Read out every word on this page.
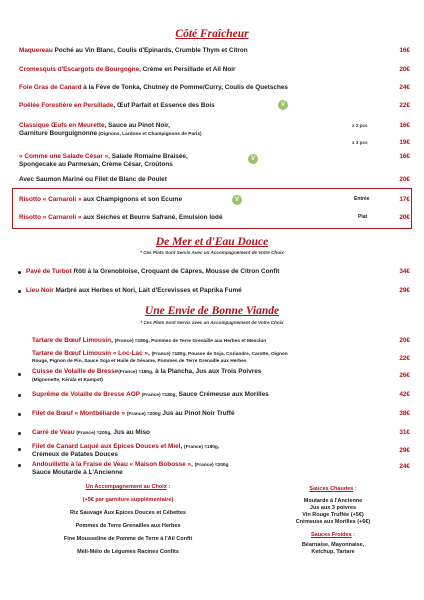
Côté Fraîcheur
Maquereau Poché au Vin Blanc, Coulis d'Epinards, Crumble Thym et Citron	16€
Cromesquis d'Escargots de Bourgogne, Crème en Persillade et Ail Noir	20€
Foie Gras de Canard à la Fève de Tonka, Chutney de Pomme/Curry, Coulis de Quetsches	24€
Poêlée Forestière en Persillade, Œuf Parfait et Essence des Bois	V	22€
Classique Œufs en Meurette, Sauce au Pinot Noir,
Garniture Bourguignonne (Oignons, Lardons et Champignons de Paris)
x 2 pcs	16€
x 3 pcs	19€
« Comme une Salade César », Salade Romaine Braisée,
Spongecake au Parmesan, Crème César, Croûtons
V	16€
Avec Saumon Mariné ou Filet de Blanc de Poulet	20€
Risotto « Carnaroli » aux Champignons et son Ecume	V	Entrée	17€
Risotto « Carnaroli » aux Seiches et Beurre Safrané, Emulsion Iodé	Plat	20€
De Mer et d'Eau Douce
* Ces Plats Sont Servis Avec un Accompagnement de Votre Choix
Pavé de Turbot Rôti à la Grenobloise, Croquant de Câpres, Mousse de Citron Confit	34€
Lieu Noir Marbré aux Herbes et Nori, Lait d'Ecrevisses et Paprika Fumé	29€
Une Envie de Bonne Viande
* Ces Plats Sont Servis avec un Accompagnement de Votre Choix
Tartare de Bœuf Limousin, (France) ≈180g, Pommes de Terre Grenaille aux Herbes et Mesclun	20€
Tartare de Bœuf Limousin « Loc-Lac », (France) ≈180g, Pousse de Soja, Coriandre, Carotte, Oignon
Rouge, Pignon de Pin, Sauce Soja et Huile de Sésame, Pommes de Terre Grenaille aux Herbes	22€
Cuisse de Volaille de Bresse(France) ≈180g, à la Plancha, Jus aux Trois Poivres
(Mignonette, Kérala et Kampot)
26€
Suprême de Volaille de Bresse AOP (France) ≈180g, Sauce Crémeuse aux Morilles	42€
Filet de Bœuf « Montbéliarde » (France) ≈200g Jus au Pinot Noir Truffé	38€
Carré de Veau (France) ≈200g, Jus au Miso	31€
Filet de Canard Laqué aux Epices Douces et Miel, (France) ≈180g,
Crémeux de Patates Douces
29€
Andouillette à la Fraise de Veau « Maison Bobosse », (France) ≈200g
Sauce Moutarde à L'Ancienne
24€
Un Accompagnement au Choix :
(+5€ par garniture supplémentaire)
Riz Sauvage Aux Epices Douces et Cébettes
Pommes de Terre Grenailles aux Herbes
Fine Mousseline de Pomme de Terre à l'Ail Confit
Méli-Mélo de Légumes Racines Confits
Sauces Chaudes :
Moutarde à l'Ancienne
Jus aux 3 poivres
Vin Rouge Truffée (+5€)
Crémeuse aux Morilles (+6€)
Sauces Froides :
Béarnaise, Mayonnaise,
Ketchup, Tartare
